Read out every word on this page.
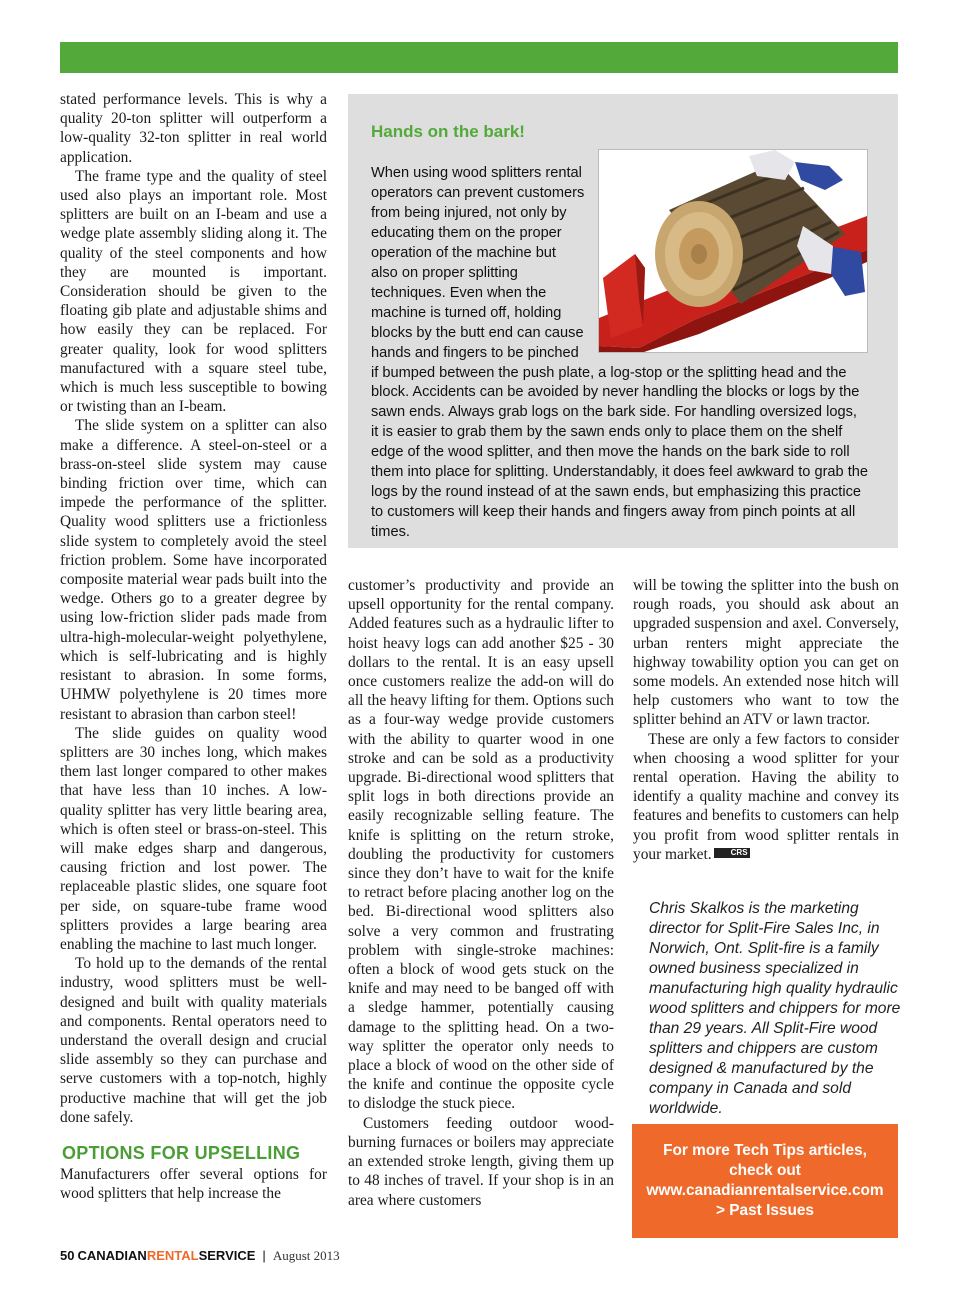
stated performance levels. This is why a quality 20-ton splitter will outperform a low-quality 32-ton splitter in real world application.

The frame type and the quality of steel used also plays an important role. Most splitters are built on an I-beam and use a wedge plate assembly sliding along it. The quality of the steel components and how they are mounted is important. Consideration should be given to the floating gib plate and adjustable shims and how easily they can be replaced. For greater quality, look for wood splitters manufactured with a square steel tube, which is much less susceptible to bowing or twisting than an I-beam.

The slide system on a splitter can also make a difference. A steel-on-steel or a brass-on-steel slide system may cause binding friction over time, which can impede the performance of the splitter. Quality wood splitters use a frictionless slide system to completely avoid the steel friction problem. Some have incorporated composite material wear pads built into the wedge. Others go to a greater degree by using low-friction slider pads made from ultra-high-molecular-weight polyethylene, which is self-lubricating and is highly resistant to abrasion. In some forms, UHMW polyethylene is 20 times more resistant to abrasion than carbon steel!

The slide guides on quality wood splitters are 30 inches long, which makes them last longer compared to other makes that have less than 10 inches. A low-quality splitter has very little bearing area, which is often steel or brass-on-steel. This will make edges sharp and dangerous, causing friction and lost power. The replaceable plastic slides, one square foot per side, on square-tube frame wood splitters provides a large bearing area enabling the machine to last much longer.

To hold up to the demands of the rental industry, wood splitters must be well-designed and built with quality materials and components. Rental operators need to understand the overall design and crucial slide assembly so they can purchase and serve customers with a top-notch, highly productive machine that will get the job done safely.

OPTIONS FOR UPSELLING

Manufacturers offer several options for wood splitters that help increase the

Hands on the bark!

When using wood splitters rental operators can prevent customers from being injured, not only by educating them on the proper operation of the machine but also on proper splitting techniques. Even when the machine is turned off, holding blocks by the butt end can cause hands and fingers to be pinched if bumped between the push plate, a log-stop or the splitting head and the block. Accidents can be avoided by never handling the blocks or logs by the sawn ends. Always grab logs on the bark side. For handling oversized logs, it is easier to grab them by the sawn ends only to place them on the shelf edge of the wood splitter, and then move the hands on the bark side to roll them into place for splitting. Understandably, it does feel awkward to grab the logs by the round instead of at the sawn ends, but emphasizing this practice to customers will keep their hands and fingers away from pinch points at all times.

customer’s productivity and provide an upsell opportunity for the rental company. Added features such as a hydraulic lifter to hoist heavy logs can add another $25 - 30 dollars to the rental. It is an easy upsell once customers realize the add-on will do all the heavy lifting for them. Options such as a four-way wedge provide customers with the ability to quarter wood in one stroke and can be sold as a productivity upgrade. Bi-directional wood splitters that split logs in both directions provide an easily recognizable selling feature. The knife is splitting on the return stroke, doubling the productivity for customers since they don’t have to wait for the knife to retract before placing another log on the bed. Bi-directional wood splitters also solve a very common and frustrating problem with single-stroke machines: often a block of wood gets stuck on the knife and may need to be banged off with a sledge hammer, potentially causing damage to the splitting head. On a two-way splitter the operator only needs to place a block of wood on the other side of the knife and continue the opposite cycle to dislodge the stuck piece.

Customers feeding outdoor wood-burning furnaces or boilers may appreciate an extended stroke length, giving them up to 48 inches of travel. If your shop is in an area where customers

will be towing the splitter into the bush on rough roads, you should ask about an upgraded suspension and axel. Conversely, urban renters might appreciate the highway towability option you can get on some models. An extended nose hitch will help customers who want to tow the splitter behind an ATV or lawn tractor.

These are only a few factors to consider when choosing a wood splitter for your rental operation. Having the ability to identify a quality machine and convey its features and benefits to customers can help you profit from wood splitter rentals in your market. CRS

Chris Skalkos is the marketing director for Split-Fire Sales Inc, in Norwich, Ont. Split-fire is a family owned business specialized in manufacturing high quality hydraulic wood splitters and chippers for more than 29 years. All Split-Fire wood splitters and chippers are custom designed & manufactured by the company in Canada and sold worldwide.
For more Tech Tips articles,
check out
www.canadianrentalservice.com
> Past Issues
50 CANADIANRENTALSERVICE | August 2013
